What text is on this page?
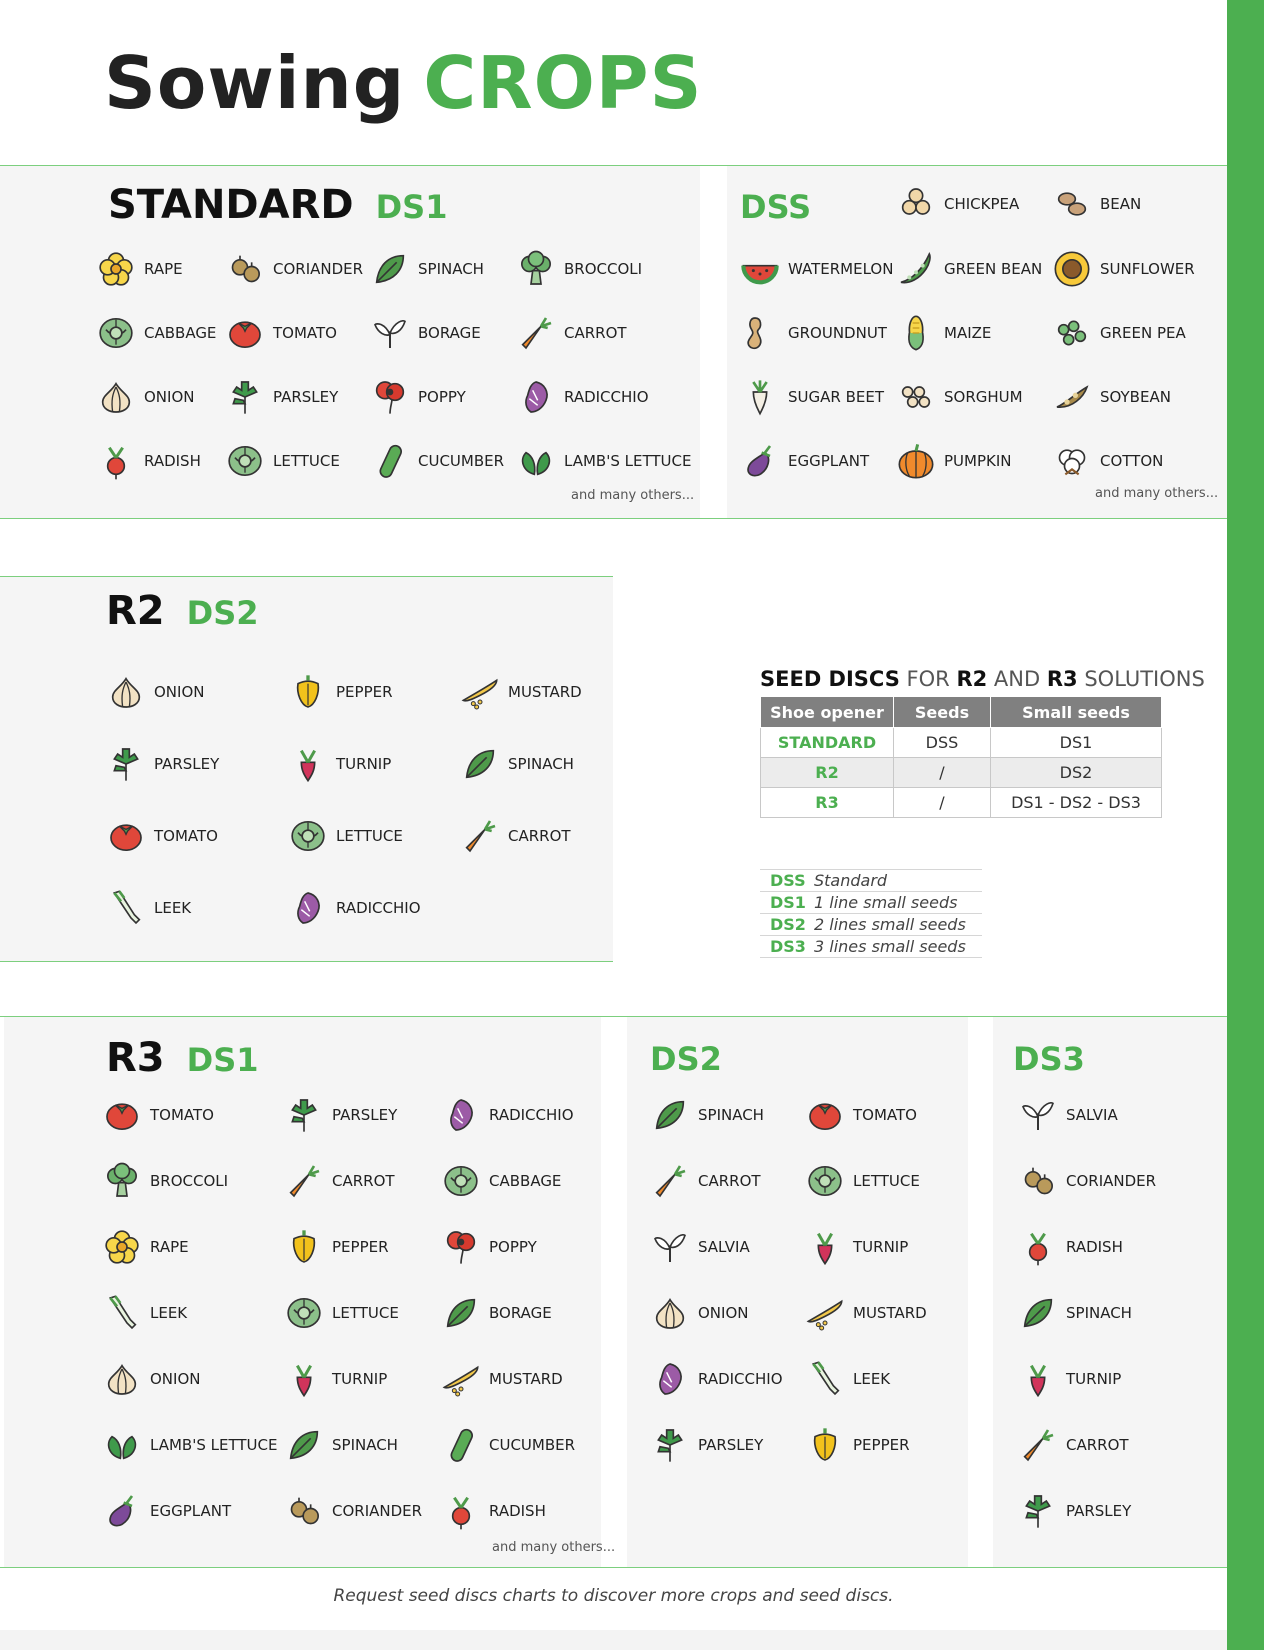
Sowing CROPS
STANDARD DS1
RAPE	CORIANDER	SPINACH	BROCCOLI
CABBAGE	TOMATO	BORAGE	CARROT
ONION	PARSLEY	POPPY	RADICCHIO
RADISH	LETTUCE	CUCUMBER	LAMB'S LETTUCE
and many others...
DSS	CHICKPEA	BEAN
WATERMELON	GREEN BEAN	SUNFLOWER
GROUNDNUT	MAIZE	GREEN PEA
SUGAR BEET	SORGHUM	SOYBEAN
EGGPLANT	PUMPKIN	COTTON
and many others...
R2 DS2
ONION	PEPPER	MUSTARD
PARSLEY	TURNIP	SPINACH
TOMATO	LETTUCE	CARROT
LEEK	RADICCHIO
SEED DISCS FOR R2 AND R3 SOLUTIONS
Shoe opener	Seeds	Small seeds
STANDARD	DSS	DS1
R2	/	DS2
R3	/	DS1 - DS2 - DS3
DSS	Standard
DS1	1 line small seeds
DS2	2 lines small seeds
DS3	3 lines small seeds
R3 DS1
TOMATO	PARSLEY	RADICCHIO
BROCCOLI	CARROT	CABBAGE
RAPE	PEPPER	POPPY
LEEK	LETTUCE	BORAGE
ONION	TURNIP	MUSTARD
LAMB'S LETTUCE	SPINACH	CUCUMBER
EGGPLANT	CORIANDER	RADISH
and many others...
DS2
SPINACH	TOMATO
CARROT	LETTUCE
SALVIA	TURNIP
ONION	MUSTARD
RADICCHIO	LEEK
PARSLEY	PEPPER
DS3
SALVIA
CORIANDER
RADISH
SPINACH
TURNIP
CARROT
PARSLEY
Request seed discs charts to discover more crops and seed discs.
